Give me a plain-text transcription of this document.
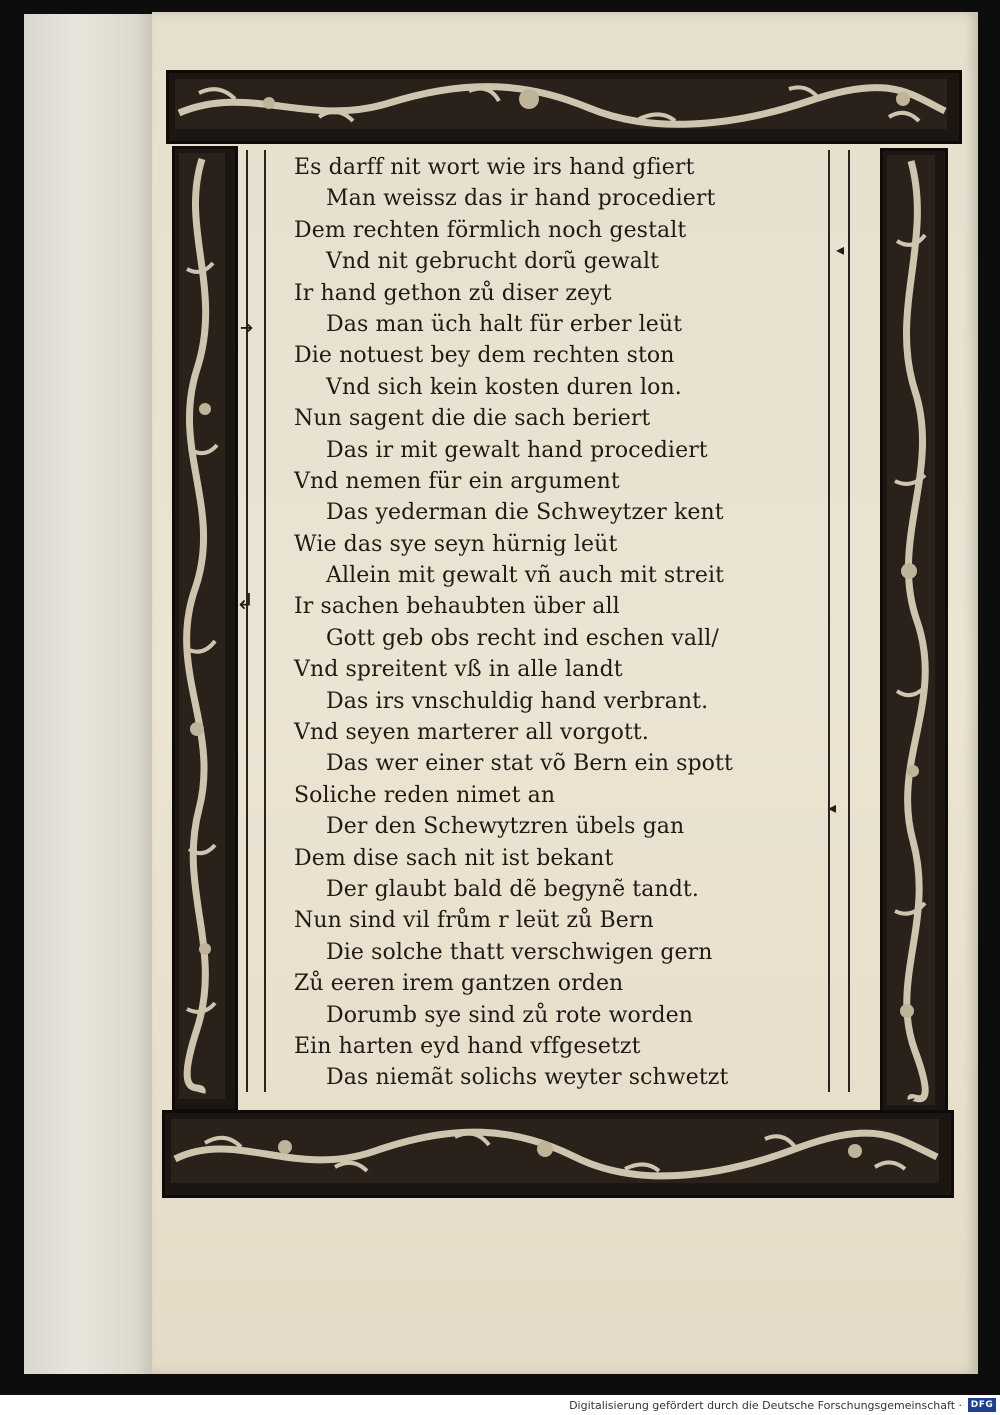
➔
↲
◂
◂
Es darff nit wort wie irs hand gfiert
Man weissz das ir hand procediert
Dem rechten förmlich noch gestalt
Vnd nit gebrucht dorũ gewalt
Ir hand gethon zů diser zeyt
Das man üch halt für erber leüt
Die notuest bey dem rechten ston
Vnd sich kein kosten duren lon.
Nun sagent die die sach beriert
Das ir mit gewalt hand procediert
Vnd nemen für ein argument
Das yederman die Schweytzer kent
Wie das sye seyn hürnig leüt
Allein mit gewalt vñ auch mit streit
Ir sachen behaubten über all
Gott geb obs recht ind eschen vall/
Vnd spreitent vß in alle landt
Das irs vnschuldig hand verbrant.
Vnd seyen marterer all vorgott.
Das wer einer stat võ Bern ein spott
Soliche reden nimet an
Der den Schewytzren übels gan
Dem dise sach nit ist bekant
Der glaubt bald dẽ begynẽ tandt.
Nun sind vil frům r leüt zů Bern
Die solche thatt verschwigen gern
Zů eeren irem gantzen orden
Dorumb sye sind zů rote worden
Ein harten eyd hand vffgesetzt
Das niemãt solichs weyter schwetzt
Digitalisierung gefördert durch die Deutsche Forschungsgemeinschaft · DFG
